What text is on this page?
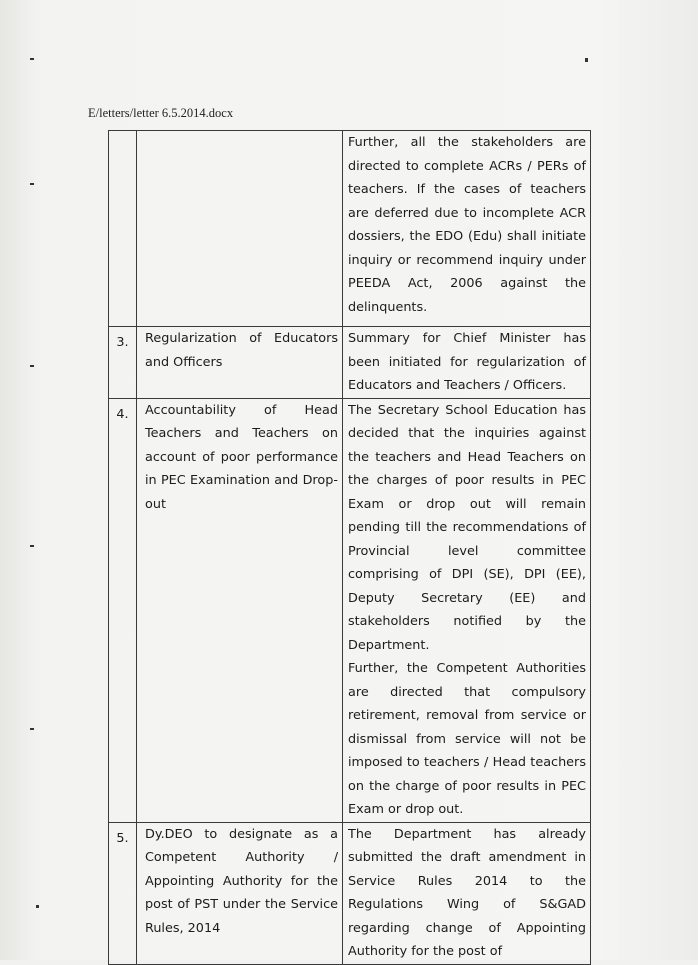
E/letters/letter 6.5.2014.docx

		Further, all the stakeholders are directed to complete ACRs / PERs of teachers. If the cases of teachers are deferred due to incomplete ACR dossiers, the EDO (Edu) shall initiate inquiry or recommend inquiry under PEEDA Act, 2006 against the delinquents.

3.	Regularization of Educators and Officers	Summary for Chief Minister has been initiated for regularization of Educators and Teachers / Officers.

4.	Accountability of Head Teachers and Teachers on account of poor performance in PEC Examination and Drop-out	The Secretary School Education has decided that the inquiries against the teachers and Head Teachers on the charges of poor results in PEC Exam or drop out will remain pending till the recommendations of Provincial level committee comprising of DPI (SE), DPI (EE), Deputy Secretary (EE) and stakeholders notified by the Department.
Further, the Competent Authorities are directed that compulsory retirement, removal from service or dismissal from service will not be imposed to teachers / Head teachers on the charge of poor results in PEC Exam or drop out.

5.	Dy.DEO to designate as a Competent Authority / Appointing Authority for the post of PST under the Service Rules, 2014	The Department has already submitted the draft amendment in Service Rules 2014 to the Regulations Wing of S&GAD regarding change of Appointing Authority for the post of
